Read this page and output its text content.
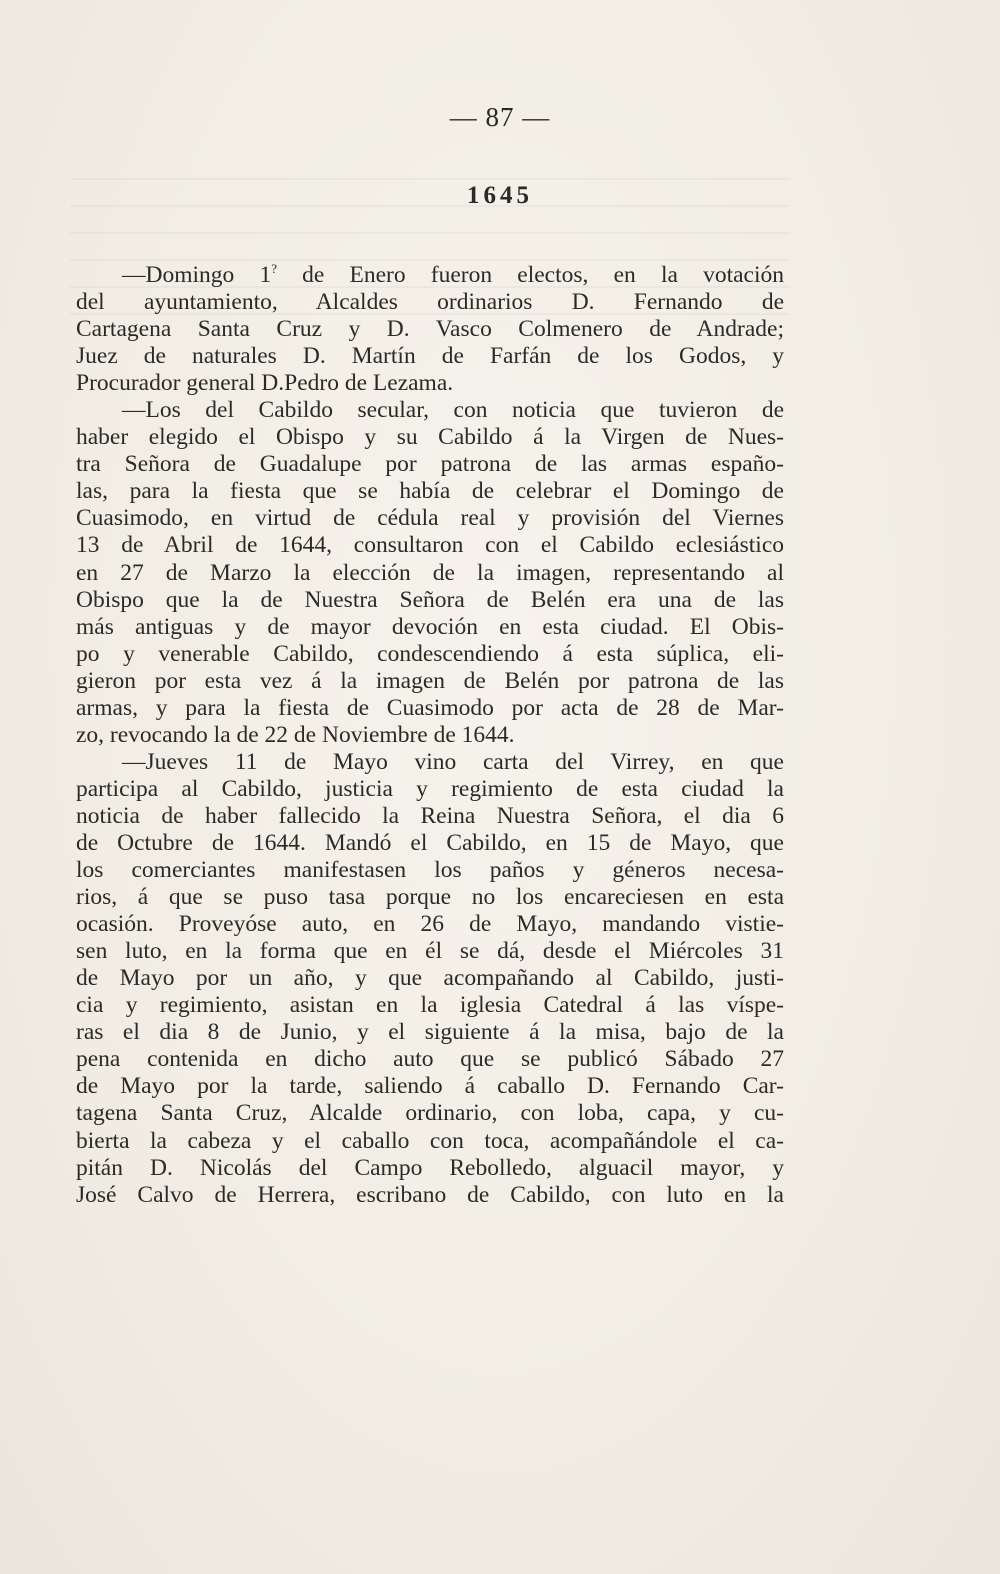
— 87 —
1645
—Domingo 1? de Enero fueron electos, en la votación
del ayuntamiento, Alcaldes ordinarios D. Fernando de
Cartagena Santa Cruz y D. Vasco Colmenero de Andrade;
Juez de naturales D. Martín de Farfán de los Godos, y
Procurador general D.Pedro de Lezama.
—Los del Cabildo secular, con noticia que tuvieron de
haber elegido el Obispo y su Cabildo á la Virgen de Nues-
tra Señora de Guadalupe por patrona de las armas españo-
las, para la fiesta que se había de celebrar el Domingo de
Cuasimodo, en virtud de cédula real y provisión del Viernes
13 de Abril de 1644, consultaron con el Cabildo eclesiástico
en 27 de Marzo la elección de la imagen, representando al
Obispo que la de Nuestra Señora de Belén era una de las
más antiguas y de mayor devoción en esta ciudad. El Obis-
po y venerable Cabildo, condescendiendo á esta súplica, eli-
gieron por esta vez á la imagen de Belén por patrona de las
armas, y para la fiesta de Cuasimodo por acta de 28 de Mar-
zo, revocando la de 22 de Noviembre de 1644.
—Jueves 11 de Mayo vino carta del Virrey, en que
participa al Cabildo, justicia y regimiento de esta ciudad la
noticia de haber fallecido la Reina Nuestra Señora, el dia 6
de Octubre de 1644. Mandó el Cabildo, en 15 de Mayo, que
los comerciantes manifestasen los paños y géneros necesa-
rios, á que se puso tasa porque no los encareciesen en esta
ocasión. Proveyóse auto, en 26 de Mayo, mandando vistie-
sen luto, en la forma que en él se dá, desde el Miércoles 31
de Mayo por un año, y que acompañando al Cabildo, justi-
cia y regimiento, asistan en la iglesia Catedral á las víspe-
ras el dia 8 de Junio, y el siguiente á la misa, bajo de la
pena contenida en dicho auto que se publicó Sábado 27
de Mayo por la tarde, saliendo á caballo D. Fernando Car-
tagena Santa Cruz, Alcalde ordinario, con loba, capa, y cu-
bierta la cabeza y el caballo con toca, acompañándole el ca-
pitán D. Nicolás del Campo Rebolledo, alguacil mayor, y
José Calvo de Herrera, escribano de Cabildo, con luto en la
